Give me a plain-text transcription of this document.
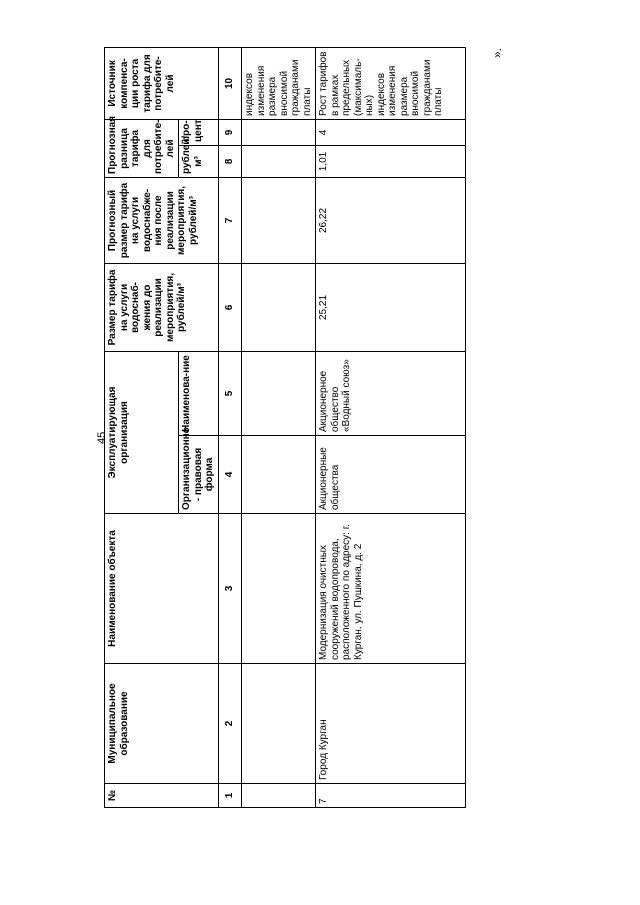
45
№	Муниципальное образование	Наименование объекта	Эксплуатирующая организация		Размер тарифа на услуги водоснаб-жения до реализации мероприятия, рублей/м³	Прогнозный размер тарифа на услуги водоснабже-ния после реализации мероприятия, рублей/м³	Прогнозная разница тарифа для потребите-лей		Источник компенса-ции роста тарифа для потребите-лей
			Организационно - правовая форма	Наименова-ние			рублей/ м³	про-цент	
1	2	3	4	5	6	7	8	9	10
									индексов изменения размера вносимой гражданами платы
7	Город Курган	Модернизация очистных сооружений водопровода, расположенного по адресу: г. Курган, ул. Пушкина, д. 2	Акционерные общества	Акционерное общество «Водный союз»	25,21	26,22	1,01	4	Рост тарифов в рамках предельных (максималь-ных) индексов изменения размера вносимой гражданами платы
».
